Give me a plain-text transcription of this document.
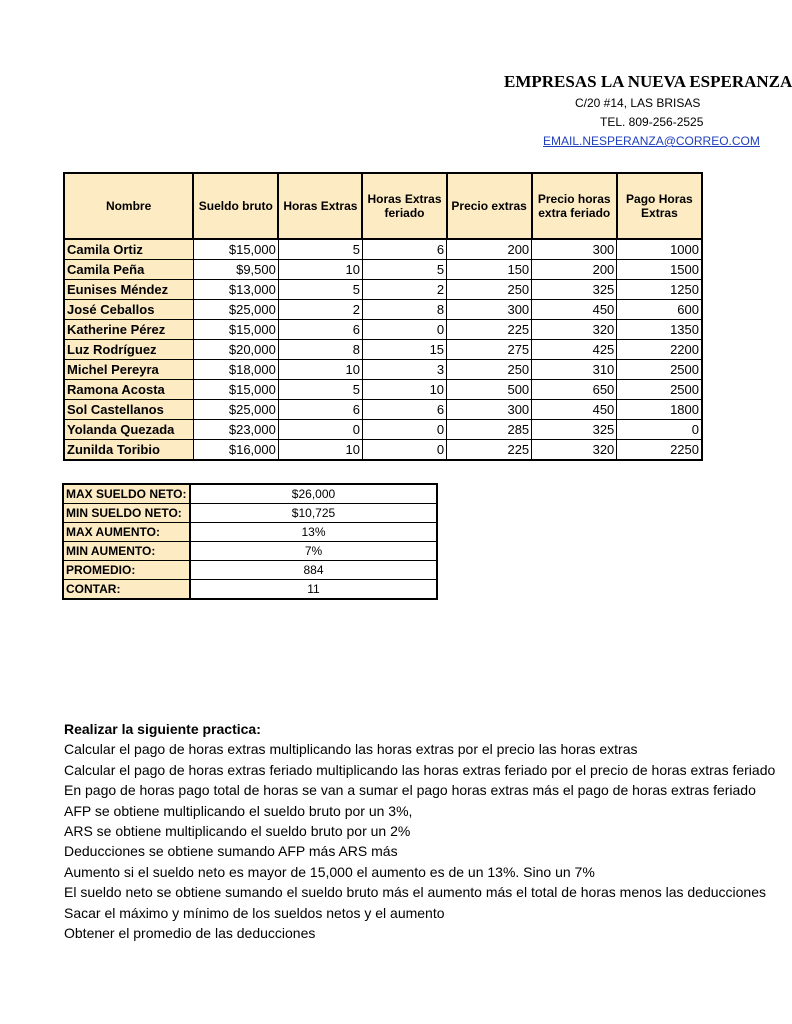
EMPRESAS LA NUEVA ESPERANZA
C/20 #14, LAS BRISAS
TEL. 809-256-2525
EMAIL.NESPERANZA@CORREO.COM
Nombre	Sueldo bruto	Horas Extras	Horas Extras feriado	Precio extras	Precio horas extra feriado	Pago Horas Extras
Camila Ortiz	$15,000	5	6	200	300	1000
Camila Peña	$9,500	10	5	150	200	1500
Eunises Méndez	$13,000	5	2	250	325	1250
José Ceballos	$25,000	2	8	300	450	600
Katherine Pérez	$15,000	6	0	225	320	1350
Luz Rodríguez	$20,000	8	15	275	425	2200
Michel Pereyra	$18,000	10	3	250	310	2500
Ramona Acosta	$15,000	5	10	500	650	2500
Sol Castellanos	$25,000	6	6	300	450	1800
Yolanda Quezada	$23,000	0	0	285	325	0
Zunilda Toribio	$16,000	10	0	225	320	2250
MAX SUELDO NETO:	$26,000
MIN SUELDO NETO:	$10,725
MAX AUMENTO:	13%
MIN AUMENTO:	7%
PROMEDIO:	884
CONTAR:	11
Realizar la siguiente practica:
Calcular el pago de horas extras multiplicando las horas extras por el precio las horas extras
Calcular el pago de horas extras feriado multiplicando las horas extras feriado por el precio de horas extras feriado
En pago de horas pago total de horas se van a sumar el pago horas extras más el pago de horas extras feriado
AFP se obtiene multiplicando el sueldo bruto por un 3%,
ARS se obtiene multiplicando el sueldo bruto por un 2%
Deducciones se obtiene sumando AFP más ARS más
Aumento si el sueldo neto es mayor de 15,000 el aumento es de un 13%. Sino un 7%
El sueldo neto se obtiene sumando el sueldo bruto más el aumento más el total de horas menos las deducciones
Sacar el máximo y mínimo de los sueldos netos y el aumento
Obtener el promedio de las deducciones
